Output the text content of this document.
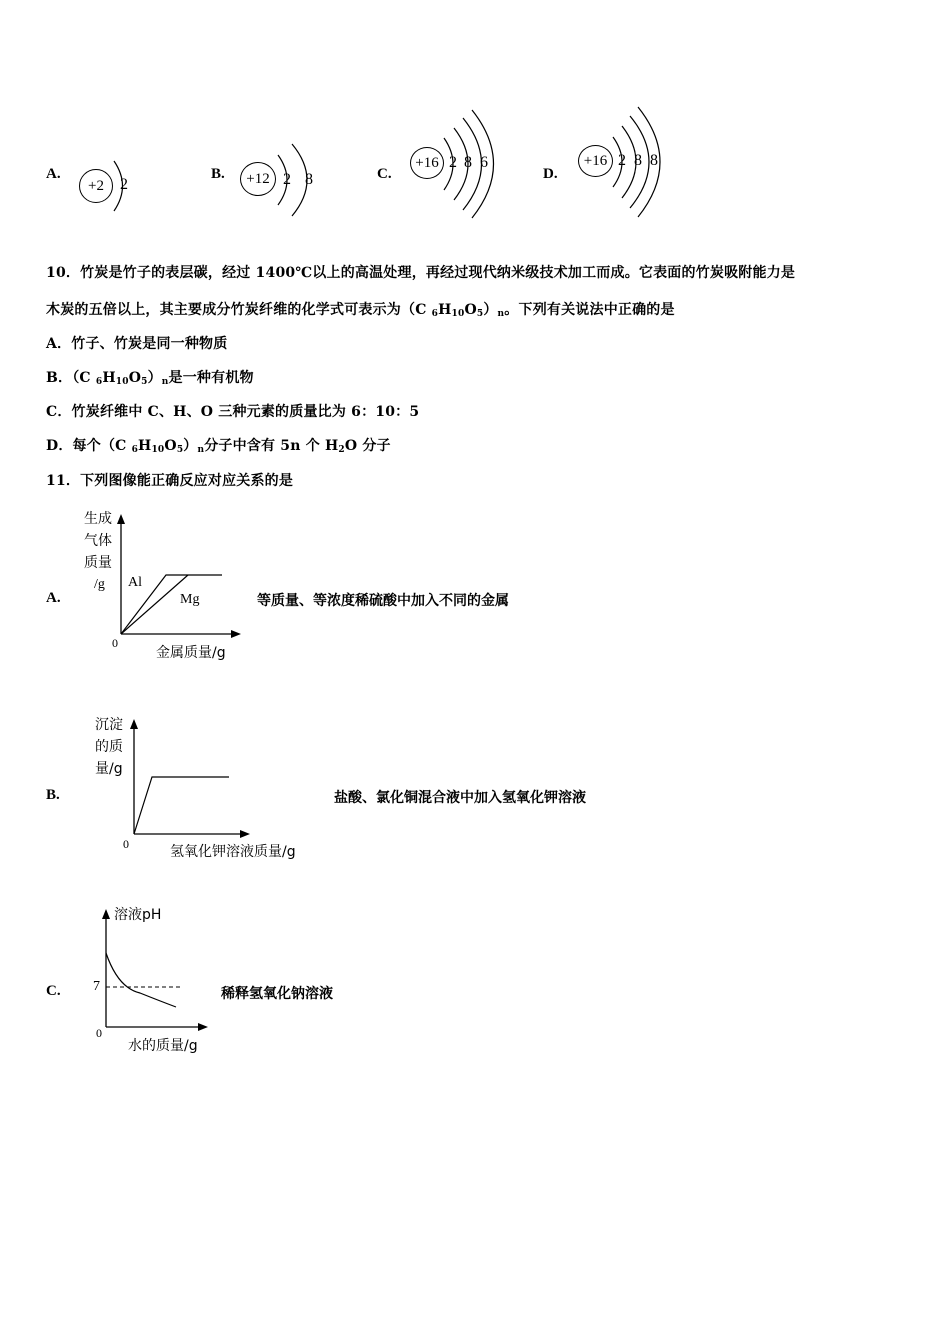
A.
+2	2
B.	+12 2 8	C.
+16 2 8 6
D.
+16 2 8 8
10．竹炭是竹子的表层碳，经过 1400℃以上的高温处理，再经过现代纳米级技术加工而成。它表面的竹炭吸附能力是
木炭的五倍以上，其主要成分竹炭纤维的化学式可表示为（C $_6H_{10}O_5)_n$。下列有关说法中正确的是
A．竹子、竹炭是同一种物质
B．（C $_6H_{10}O_5)_n$是一种有机物
C．竹炭纤维中 C、H、O 三种元素的质量比为 6：10：5
D．每个（C $_6H_{10}O_5)_n$分子中含有 5n 个 $H_2O$ 分子
11．下列图像能正确反应对应关系的是
A.
生成
气体
质量
/g Al
Mg
0
金属质量/g
等质量、等浓度稀硫酸中加入不同的金属
B.
沉淀
的质
量/g
0	氢氧化钾溶液质量/g
盐酸、氯化铜混合液中加入氢氧化钾溶液
C.
溶液pH
7
0
水的质量/g
稀释氢氧化钠溶液
